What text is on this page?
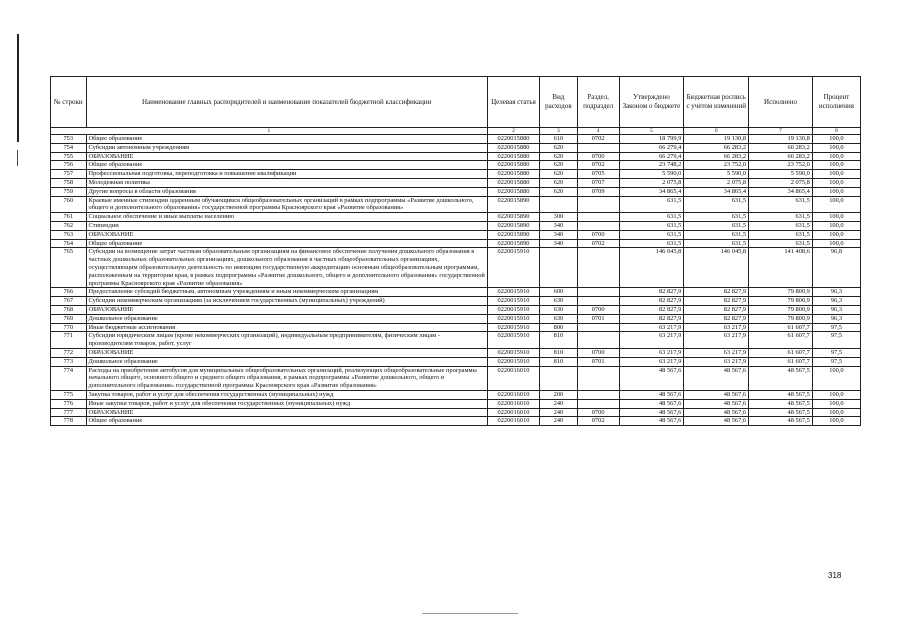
№ строки	Наименование главных распорядителей и наименование показателей бюджетной классификации	Целевая статья	Вид расходов	Раздел, подраздел	Утверждено Законом о бюджете	Бюджетная роспись с учетом изменений	Исполнено	Процент исполнения
1		2	3	4	5	6	7	8
753	Общее образование	0220015880	610	0702	18 799,9	19 130,8	19 130,8	100,0
754	Субсидии автономным учреждениям	0220015880	620		66 279,4	66 283,2	66 283,2	100,0
755	ОБРАЗОВАНИЕ	0220015880	620	0700	66 279,4	66 283,2	66 283,2	100,0
756	Общее образование	0220015880	620	0702	23 748,2	23 752,0	23 752,0	100,0
757	Профессиональная подготовка, переподготовка и повышение квалификации	0220015880	620	0705	5 590,0	5 590,0	5 590,0	100,0
758	Молодежная политика	0220015880	620	0707	2 075,8	2 075,8	2 075,8	100,0
759	Другие вопросы в области образования	0220015880	620	0709	34 865,4	34 865,4	34 865,4	100,0
760	Краевые именные стипендии одаренным обучающимся общеобразовательных организаций в рамках подпрограммы «Развитие дошкольного, общего и дополнительного образования» государственной программы Красноярского края «Развитие образования»	0220015890			631,5	631,5	631,5	100,0
761	Социальное обеспечение и иные выплаты населению	0220015890	300		631,5	631,5	631,5	100,0
762	Стипендии	0220015890	340		631,5	631,5	631,5	100,0
763	ОБРАЗОВАНИЕ	0220015890	340	0700	631,5	631,5	631,5	100,0
764	Общее образование	0220015890	340	0702	631,5	631,5	631,5	100,0
765	Субсидии на возмещение затрат частным образовательным организациям на финансовое обеспечение получения дошкольного образования в частных дошкольных образовательных организациях, дошкольного образования в частных общеобразовательных организациях, осуществляющим образовательную деятельность по имеющим государственную аккредитацию основным общеобразовательным программам, расположенным на территории края, в рамках подпрограммы «Развитие дошкольного, общего и дополнительного образования» государственной программы Красноярского края «Развитие образования»	0220015910			146 045,8	146 045,8	141 408,6	96,8
766	Предоставление субсидий бюджетным, автономным учреждениям и иным некоммерческим организациям	0220015910	600		82 827,9	82 827,9	79 800,9	96,3
767	Субсидии некоммерческим организациям (за исключением государственных (муниципальных) учреждений)	0220015910	630		82 827,9	82 827,9	79 800,9	96,3
768	ОБРАЗОВАНИЕ	0220015910	630	0700	82 827,9	82 827,9	79 800,9	96,3
769	Дошкольное образование	0220015910	630	0701	82 827,9	82 827,9	79 800,9	96,3
770	Иные бюджетные ассигнования	0220015910	800		63 217,9	63 217,9	61 607,7	97,5
771	Субсидии юридическим лицам (кроме некоммерческих организаций), индивидуальным предпринимателям, физическим лицам - производителям товаров, работ, услуг	0220015910	810		63 217,9	63 217,9	61 607,7	97,5
772	ОБРАЗОВАНИЕ	0220015910	810	0700	63 217,9	63 217,9	61 607,7	97,5
773	Дошкольное образование	0220015910	810	0701	63 217,9	63 217,9	61 607,7	97,5
774	Расходы на приобретение автобусов для муниципальных общеобразовательных организаций, реализующих общеобразовательные программы начального общего, основного общего и среднего общего образования, в рамках подпрограммы «Развитие дошкольного, общего и дополнительного образования» государственной программы Красноярского края «Развитие образования»	0220016010			48 567,6	48 567,6	48 567,5	100,0
775	Закупка товаров, работ и услуг для обеспечения государственных (муниципальных) нужд	0220016010	200		48 567,6	48 567,6	48 567,5	100,0
776	Иные закупки товаров, работ и услуг для обеспечения государственных (муниципальных) нужд	0220016010	240		48 567,6	48 567,6	48 567,5	100,0
777	ОБРАЗОВАНИЕ	0220016010	240	0700	48 567,6	48 567,6	48 567,5	100,0
778	Общее образование	0220016010	240	0702	48 567,6	48 567,6	48 567,5	100,0
318
